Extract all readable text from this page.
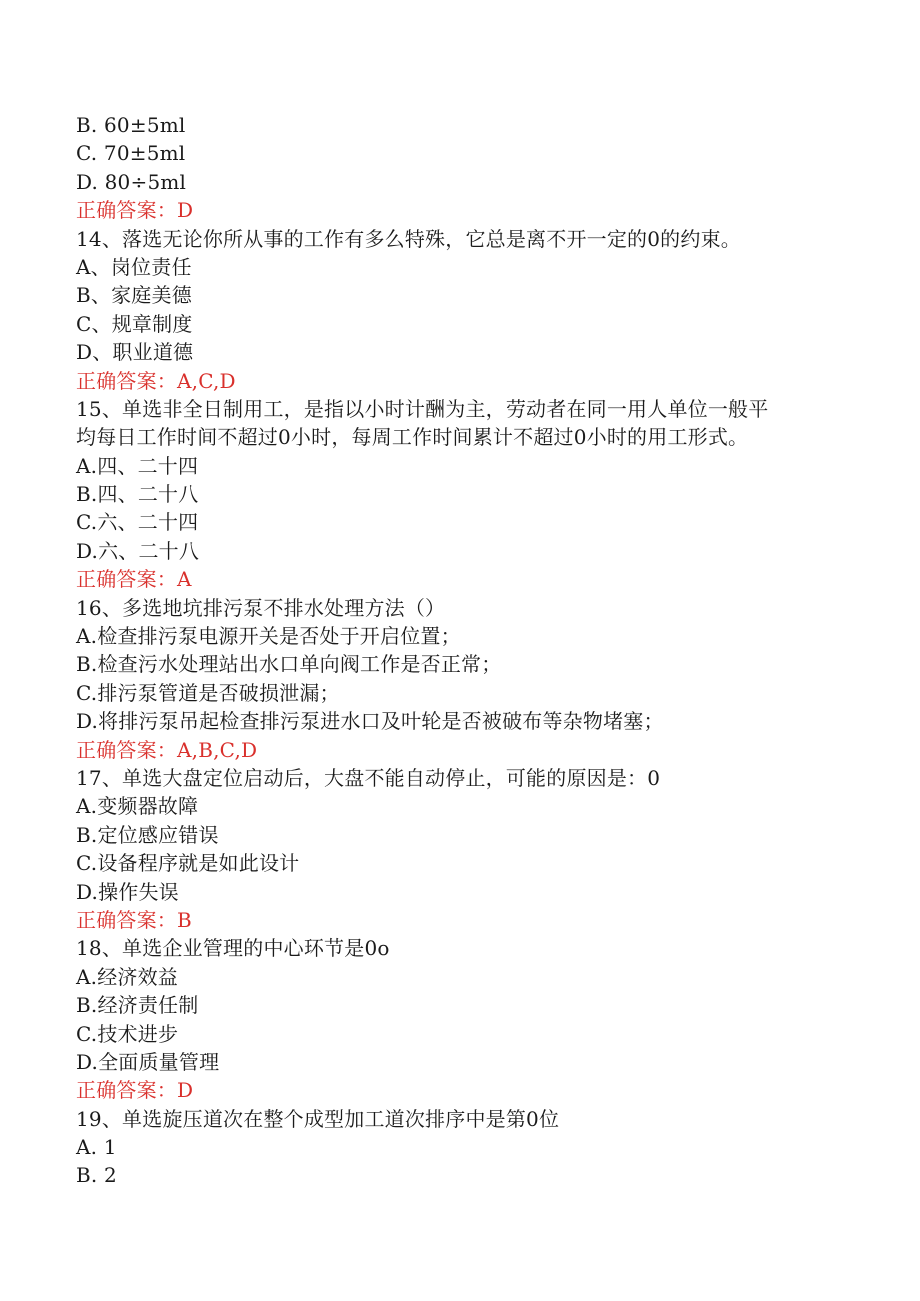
B. 60±5ml
C. 70±5ml
D. 80÷5ml
正确答案：D
14、落选无论你所从事的工作有多么特殊，它总是离不开一定的0的约束。
A、岗位责任
B、家庭美德
C、规章制度
D、职业道德
正确答案：A,C,D
15、单选非全日制用工，是指以小时计酬为主，劳动者在同一用人单位一般平
均每日工作时间不超过0小时，每周工作时间累计不超过0小时的用工形式。
A.四、二十四
B.四、二十八
C.六、二十四
D.六、二十八
正确答案：A
16、多选地坑排污泵不排水处理方法（）
A.检查排污泵电源开关是否处于开启位置；
B.检查污水处理站出水口单向阀工作是否正常；
C.排污泵管道是否破损泄漏；
D.将排污泵吊起检查排污泵进水口及叶轮是否被破布等杂物堵塞；
正确答案：A,B,C,D
17、单选大盘定位启动后，大盘不能自动停止，可能的原因是：0
A.变频器故障
B.定位感应错误
C.设备程序就是如此设计
D.操作失误
正确答案：B
18、单选企业管理的中心环节是0o
A.经济效益
B.经济责任制
C.技术进步
D.全面质量管理
正确答案：D
19、单选旋压道次在整个成型加工道次排序中是第0位
A. 1
B. 2
